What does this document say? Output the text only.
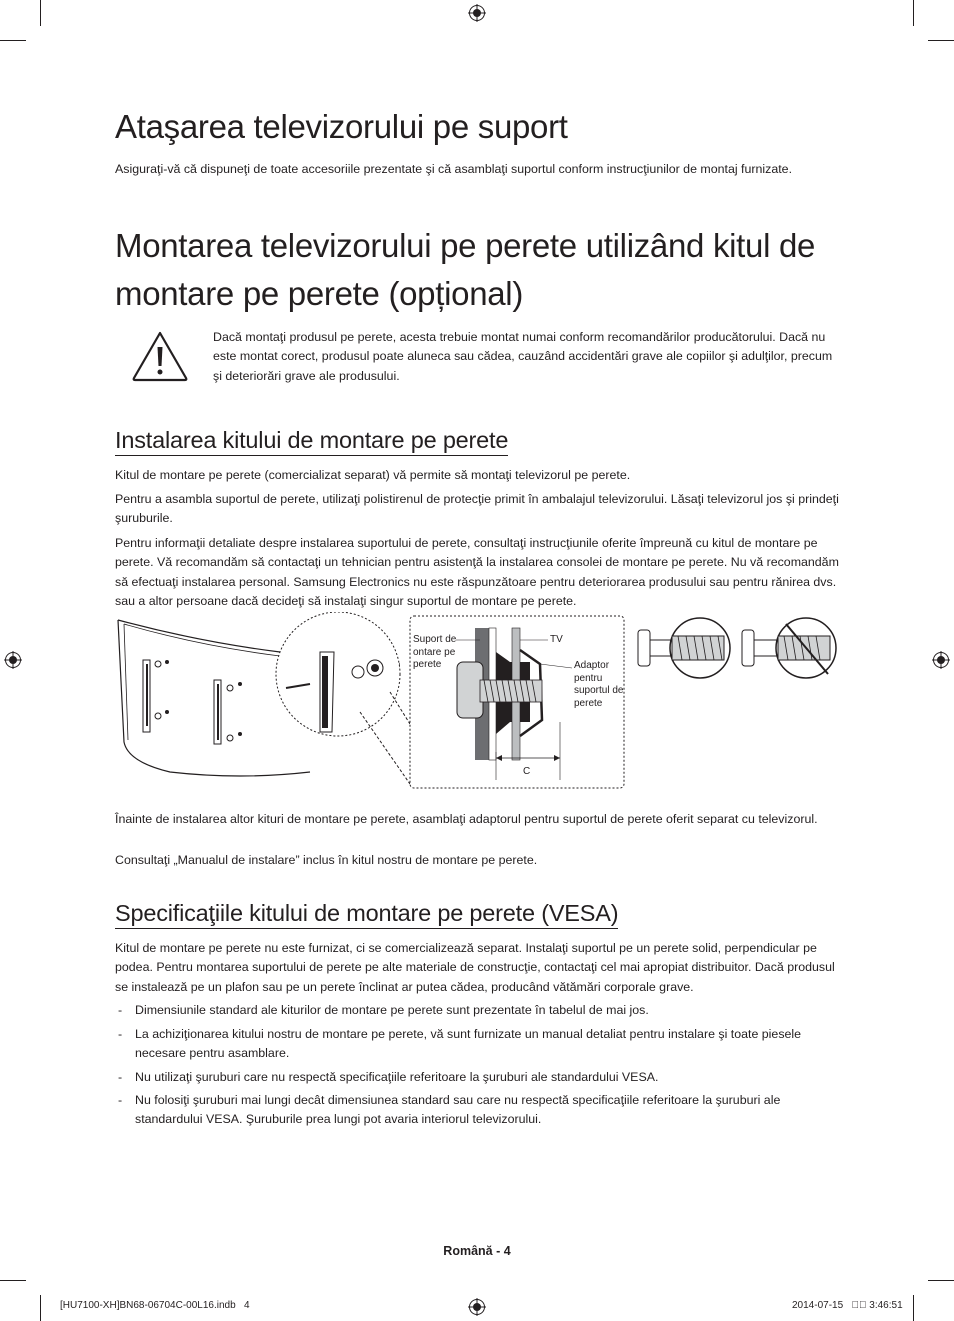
Ataşarea televizorului pe suport

Asiguraţi-vă că dispuneţi de toate accesoriile prezentate şi că asamblaţi suportul conform instrucţiunilor de montaj furnizate.

Montarea televizorului pe perete utilizând kitul de montare pe perete (opțional)

Dacă montaţi produsul pe perete, acesta trebuie montat numai conform recomandărilor producătorului. Dacă nu este montat corect, produsul poate aluneca sau cădea, cauzând accidentări grave ale copiilor şi adulţilor, precum şi deteriorări grave ale produsului.

Instalarea kitului de montare pe perete

Kitul de montare pe perete (comercializat separat) vă permite să montaţi televizorul pe perete.

Pentru a asambla suportul de perete, utilizaţi polistirenul de protecţie primit în ambalajul televizorului. Lăsaţi televizorul jos şi prindeţi şuruburile.

Pentru informaţii detaliate despre instalarea suportului de perete, consultaţi instrucţiunile oferite împreună cu kitul de montare pe perete. Vă recomandăm să contactaţi un tehnician pentru asistenţă la instalarea consolei de montare pe perete. Nu vă recomandăm să efectuaţi instalarea personal. Samsung Electronics nu este răspunzătoare pentru deteriorarea produsului sau pentru rănirea dvs. sau a altor persoane dacă decideţi să instalaţi singur suportul de montare pe perete.

Suport de ontare pe perete
TV
Adaptor pentru suportul de perete
C

Înainte de instalarea altor kituri de montare pe perete, asamblaţi adaptorul pentru suportul de perete oferit separat cu televizorul.

Consultaţi „Manualul de instalare” inclus în kitul nostru de montare pe perete.

Specificaţiile kitului de montare pe perete (VESA)

Kitul de montare pe perete nu este furnizat, ci se comercializează separat. Instalaţi suportul pe un perete solid, perpendicular pe podea. Pentru montarea suportului de perete pe alte materiale de construcţie, contactaţi cel mai apropiat distribuitor. Dacă produsul se instalează pe un plafon sau pe un perete înclinat ar putea cădea, producând vătămări corporale grave.

- Dimensiunile standard ale kiturilor de montare pe perete sunt prezentate în tabelul de mai jos.
- La achiziţionarea kitului nostru de montare pe perete, vă sunt furnizate un manual detaliat pentru instalare şi toate piesele necesare pentru asamblare.
- Nu utilizaţi şuruburi care nu respectă specificaţiile referitoare la şuruburi ale standardului VESA.
- Nu folosiţi şuruburi mai lungi decât dimensiunea standard sau care nu respectă specificaţiile referitoare la şuruburi ale standardului VESA. Şuruburile prea lungi pot avaria interiorul televizorului.
Română - 4
[HU7100-XH]BN68-06704C-00L16.indb   4	2014-07-15      3:46:51
